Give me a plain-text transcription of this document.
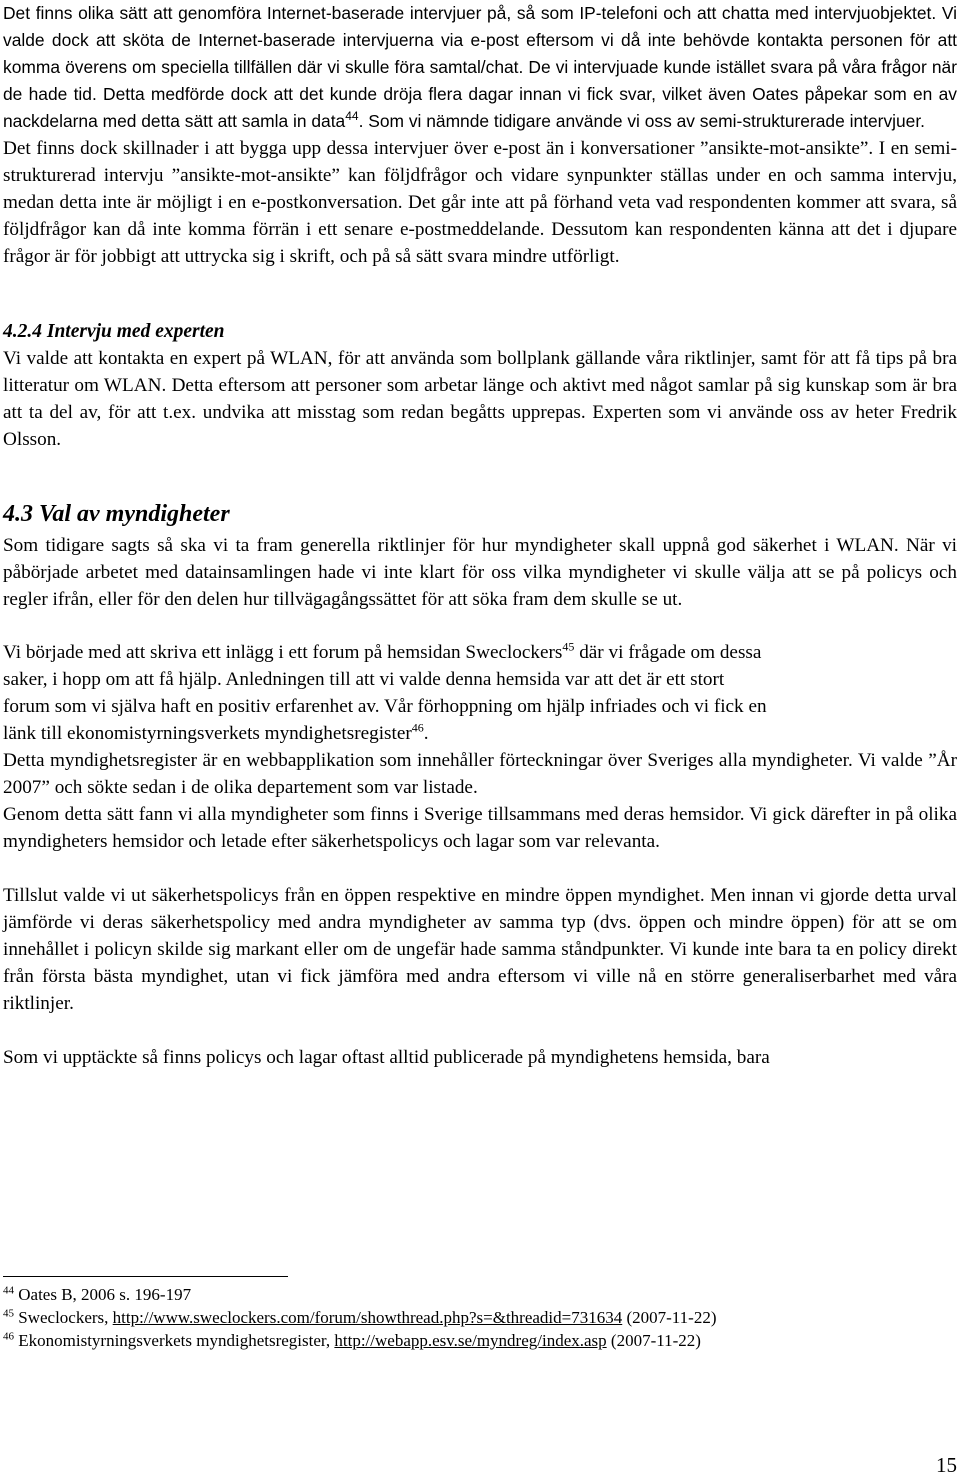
Det finns olika sätt att genomföra Internet-baserade intervjuer på, så som IP-telefoni och att chatta med intervjuobjektet. Vi valde dock att sköta de Internet-baserade intervjuerna via e-post eftersom vi då inte behövde kontakta personen för att komma överens om speciella tillfällen där vi skulle föra samtal/chat. De vi intervjuade kunde istället svara på våra frågor när de hade tid. Detta medförde dock att det kunde dröja flera dagar innan vi fick svar, vilket även Oates påpekar som en av nackdelarna med detta sätt att samla in data$^{44}$. Som vi nämnde tidigare använde vi oss av semi-strukturerade intervjuer.

Det finns dock skillnader i att bygga upp dessa intervjuer över e-post än i konversationer ”ansikte-mot-ansikte”. I en semi-strukturerad intervju ”ansikte-mot-ansikte” kan följdfrågor och vidare synpunkter ställas under en och samma intervju, medan detta inte är möjligt i en e-postkonversation. Det går inte att på förhand veta vad respondenten kommer att svara, så följdfrågor kan då inte komma förrän i ett senare e-postmeddelande. Dessutom kan respondenten känna att det i djupare frågor är för jobbigt att uttrycka sig i skrift, och på så sätt svara mindre utförligt.

4.2.4 Intervju med experten

Vi valde att kontakta en expert på WLAN, för att använda som bollplank gällande våra riktlinjer, samt för att få tips på bra litteratur om WLAN. Detta eftersom att personer som arbetar länge och aktivt med något samlar på sig kunskap som är bra att ta del av, för att t.ex. undvika att misstag som redan begåtts upprepas. Experten som vi använde oss av heter Fredrik Olsson.

4.3 Val av myndigheter

Som tidigare sagts så ska vi ta fram generella riktlinjer för hur myndigheter skall uppnå god säkerhet i WLAN. När vi påbörjade arbetet med datainsamlingen hade vi inte klart för oss vilka myndigheter vi skulle välja att se på policys och regler ifrån, eller för den delen hur tillvägagångssättet för att söka fram dem skulle se ut.

Vi började med att skriva ett inlägg i ett forum på hemsidan Sweclockers$^{45}$ där vi frågade om dessa
saker, i hopp om att få hjälp. Anledningen till att vi valde denna hemsida var att det är ett stort
forum som vi själva haft en positiv erfarenhet av. Vår förhoppning om hjälp infriades och vi fick en
länk till ekonomistyrningsverkets myndighetsregister$^{46}$.

Detta myndighetsregister är en webbapplikation som innehåller förteckningar över Sveriges alla myndigheter. Vi valde ”År 2007” och sökte sedan i de olika departement som var listade.

Genom detta sätt fann vi alla myndigheter som finns i Sverige tillsammans med deras hemsidor. Vi gick därefter in på olika myndigheters hemsidor och letade efter säkerhetspolicys och lagar som var relevanta.

Tillslut valde vi ut säkerhetspolicys från en öppen respektive en mindre öppen myndighet. Men innan vi gjorde detta urval jämförde vi deras säkerhetspolicy med andra myndigheter av samma typ (dvs. öppen och mindre öppen) för att se om innehållet i policyn skilde sig markant eller om de ungefär hade samma ståndpunkter. Vi kunde inte bara ta en policy direkt från första bästa myndighet, utan vi fick jämföra med andra eftersom vi ville nå en större generaliserbarhet med våra riktlinjer.

Som vi upptäckte så finns policys och lagar oftast alltid publicerade på myndighetens hemsida, bara

$^{44}$ Oates B, 2006 s. 196-197

$^{45}$ Sweclockers, http://www.sweclockers.com/forum/showthread.php?s=&threadid=731634 (2007-11-22)

$^{46}$ Ekonomistyrningsverkets myndighetsregister, http://webapp.esv.se/myndreg/index.asp (2007-11-22)

15
